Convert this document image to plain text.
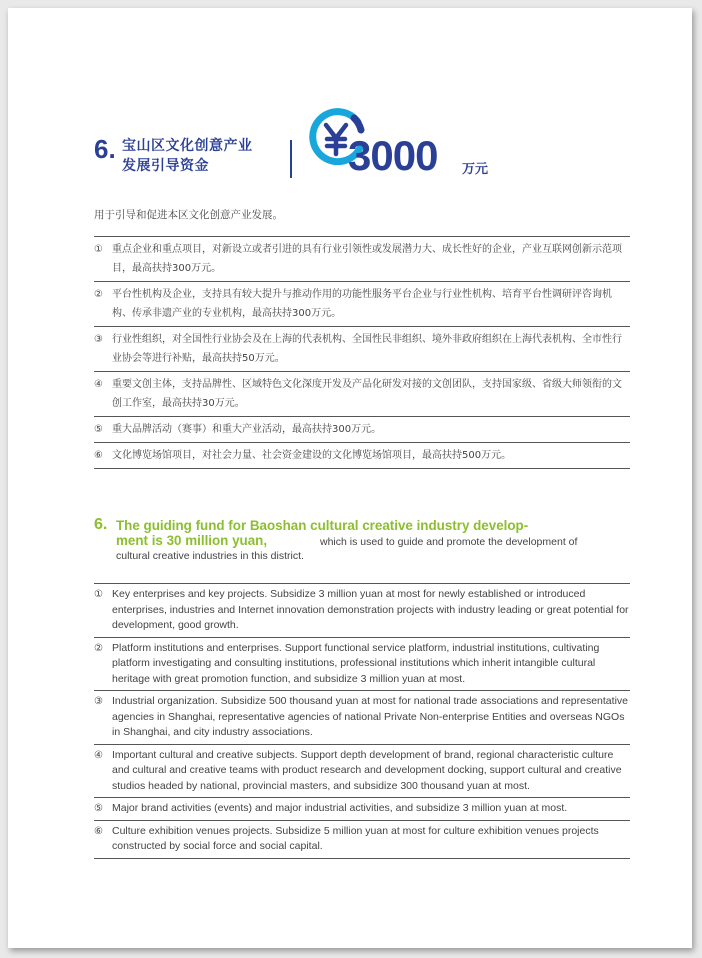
6. 宝山区文化创意产业
发展引导资金	3000 万元
用于引导和促进本区文化创意产业发展。
① 重点企业和重点项目，对新设立或者引进的具有行业引领性或发展潜力大、成长性好的企业，产业互联网创新示范项目，最高扶持300万元。
② 平台性机构及企业，支持具有较大提升与推动作用的功能性服务平台企业与行业性机构、培育平台性调研评咨询机构、传承非遗产业的专业机构，最高扶持300万元。
③ 行业性组织，对全国性行业协会及在上海的代表机构、全国性民非组织、境外非政府组织在上海代表机构、全市性行业协会等进行补贴，最高扶持50万元。
④ 重要文创主体，支持品牌性、区域特色文化深度开发及产品化研发对接的文创团队，支持国家级、省级大师领衔的文创工作室，最高扶持30万元。
⑤ 重大品牌活动（赛事）和重大产业活动，最高扶持300万元。
⑥ 文化博览场馆项目，对社会力量、社会资金建设的文化博览场馆项目，最高扶持500万元。
6. The guiding fund for Baoshan cultural creative industry develop-
ment is 30 million yuan,	which is used to guide and promote the development of
cultural creative industries in this district.
① Key enterprises and key projects. Subsidize 3 million yuan at most for newly established or introduced enterprises, industries and Internet innovation demonstration projects with industry leading or great potential for development, good growth.
② Platform institutions and enterprises. Support functional service platform, industrial institutions, cultivating platform investigating and consulting institutions, professional institutions which inherit intangible cultural heritage with great promotion function, and subsidize 3 million yuan at most.
③ Industrial organization. Subsidize 500 thousand yuan at most for national trade associations and representative agencies in Shanghai, representative agencies of national Private Non-enterprise Entities and overseas NGOs in Shanghai, and city industry associations.
④ Important cultural and creative subjects. Support depth development of brand, regional characteristic culture and cultural and creative teams with product research and development docking, support cultural and creative studios headed by national, provincial masters, and subsidize 300 thousand yuan at most.
⑤ Major brand activities (events) and major industrial activities, and subsidize 3 million yuan at most.
⑥ Culture exhibition venues projects. Subsidize 5 million yuan at most for culture exhibition venues projects constructed by social force and social capital.
